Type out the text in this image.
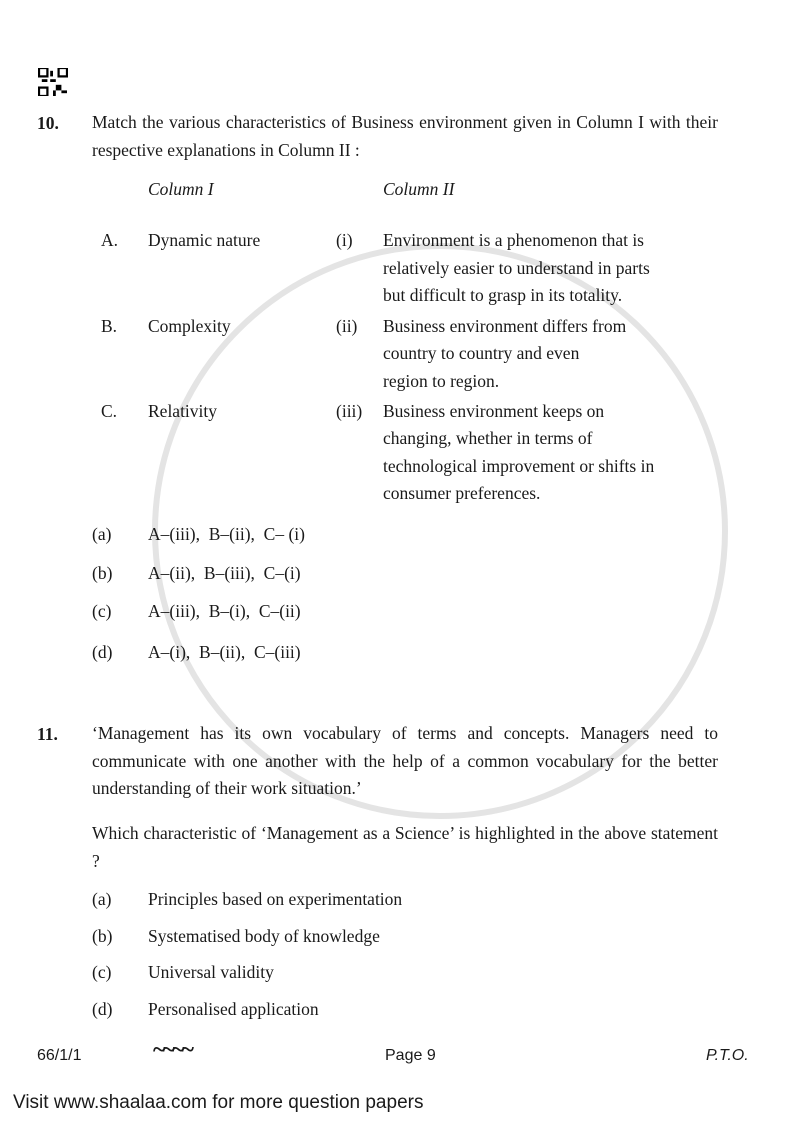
10. Match the various characteristics of Business environment given in Column I with their respective explanations in Column II :
Column I	Column II
A. Dynamic nature	(i) Environment is a phenomenon that is
relatively easier to understand in parts
but difficult to grasp in its totality.
B. Complexity	(ii) Business environment differs from
country to country and even
region to region.
C. Relativity	(iii) Business environment keeps on
changing, whether in terms of
technological improvement or shifts in
consumer preferences.
(a) A–(iii),  B–(ii),  C– (i)
(b) A–(ii),  B–(iii),  C–(i)
(c) A–(iii),  B–(i),  C–(ii)
(d) A–(i),  B–(ii),  C–(iii)
11. ‘Management has its own vocabulary of terms and concepts. Managers need to communicate with one another with the help of a common vocabulary for the better understanding of their work situation.’
Which characteristic of ‘Management as a Science’ is highlighted in the above statement ?
(a) Principles based on experimentation
(b) Systematised body of knowledge
(c) Universal validity
(d) Personalised application
66/1/1	~~~~	Page 9	P.T.O.
Visit www.shaalaa.com for more question papers
